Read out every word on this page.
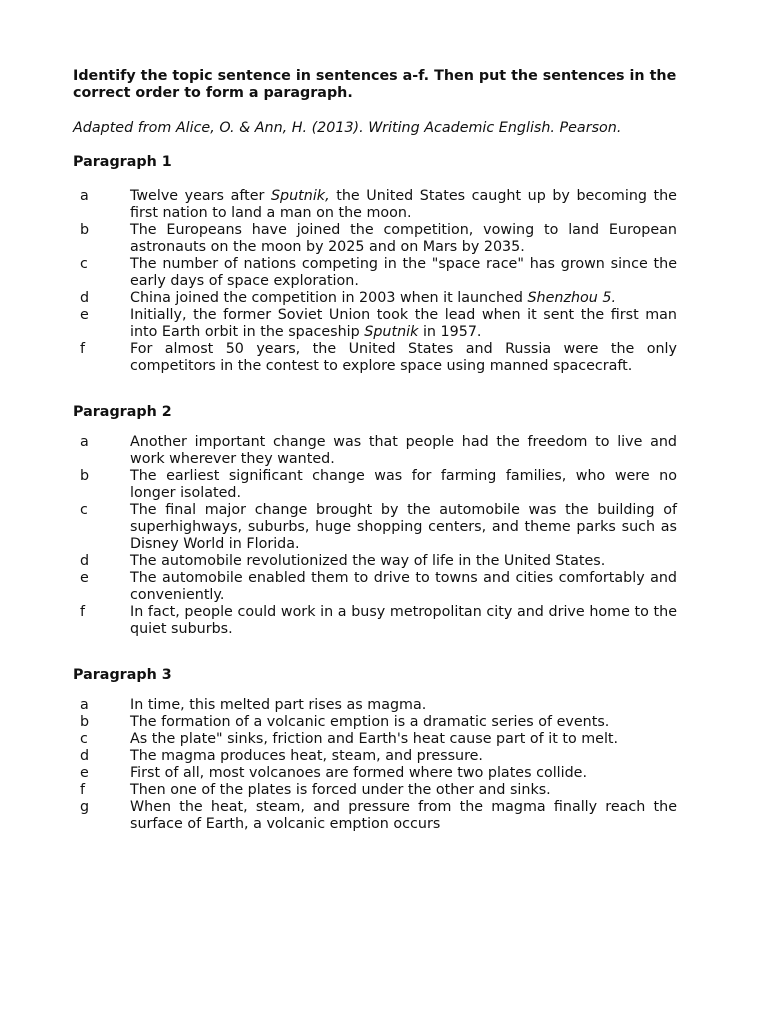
Identify the topic sentence in sentences a-f. Then put the sentences in the correct order to form a paragraph.

Adapted from Alice, O. & Ann, H. (2013). Writing Academic English. Pearson.

Paragraph 1

a	Twelve years after Sputnik, the United States caught up by becoming the first nation to land a man on the moon.
b	The Europeans have joined the competition, vowing to land European astronauts on the moon by 2025 and on Mars by 2035.
c	The number of nations competing in the "space race" has grown since the early days of space exploration.
d	China joined the competition in 2003 when it launched Shenzhou 5.
e	Initially, the former Soviet Union took the lead when it sent the first man into Earth orbit in the spaceship Sputnik in 1957.
f	For almost 50 years, the United States and Russia were the only competitors in the contest to explore space using manned spacecraft.

Paragraph 2

a	Another important change was that people had the freedom to live and work wherever they wanted.
b	The earliest significant change was for farming families, who were no longer isolated.
c	The final major change brought by the automobile was the building of superhighways, suburbs, huge shopping centers, and theme parks such as Disney World in Florida.
d	The automobile revolutionized the way of life in the United States.
e	The automobile enabled them to drive to towns and cities comfortably and conveniently.
f	In fact, people could work in a busy metropolitan city and drive home to the quiet suburbs.

Paragraph 3

a	In time, this melted part rises as magma.
b	The formation of a volcanic emption is a dramatic series of events.
c	As the plate" sinks, friction and Earth's heat cause part of it to melt.
d	The magma produces heat, steam, and pressure.
e	First of all, most volcanoes are formed where two plates collide.
f	Then one of the plates is forced under the other and sinks.
g	When the heat, steam, and pressure from the magma finally reach the surface of Earth, a volcanic emption occurs
